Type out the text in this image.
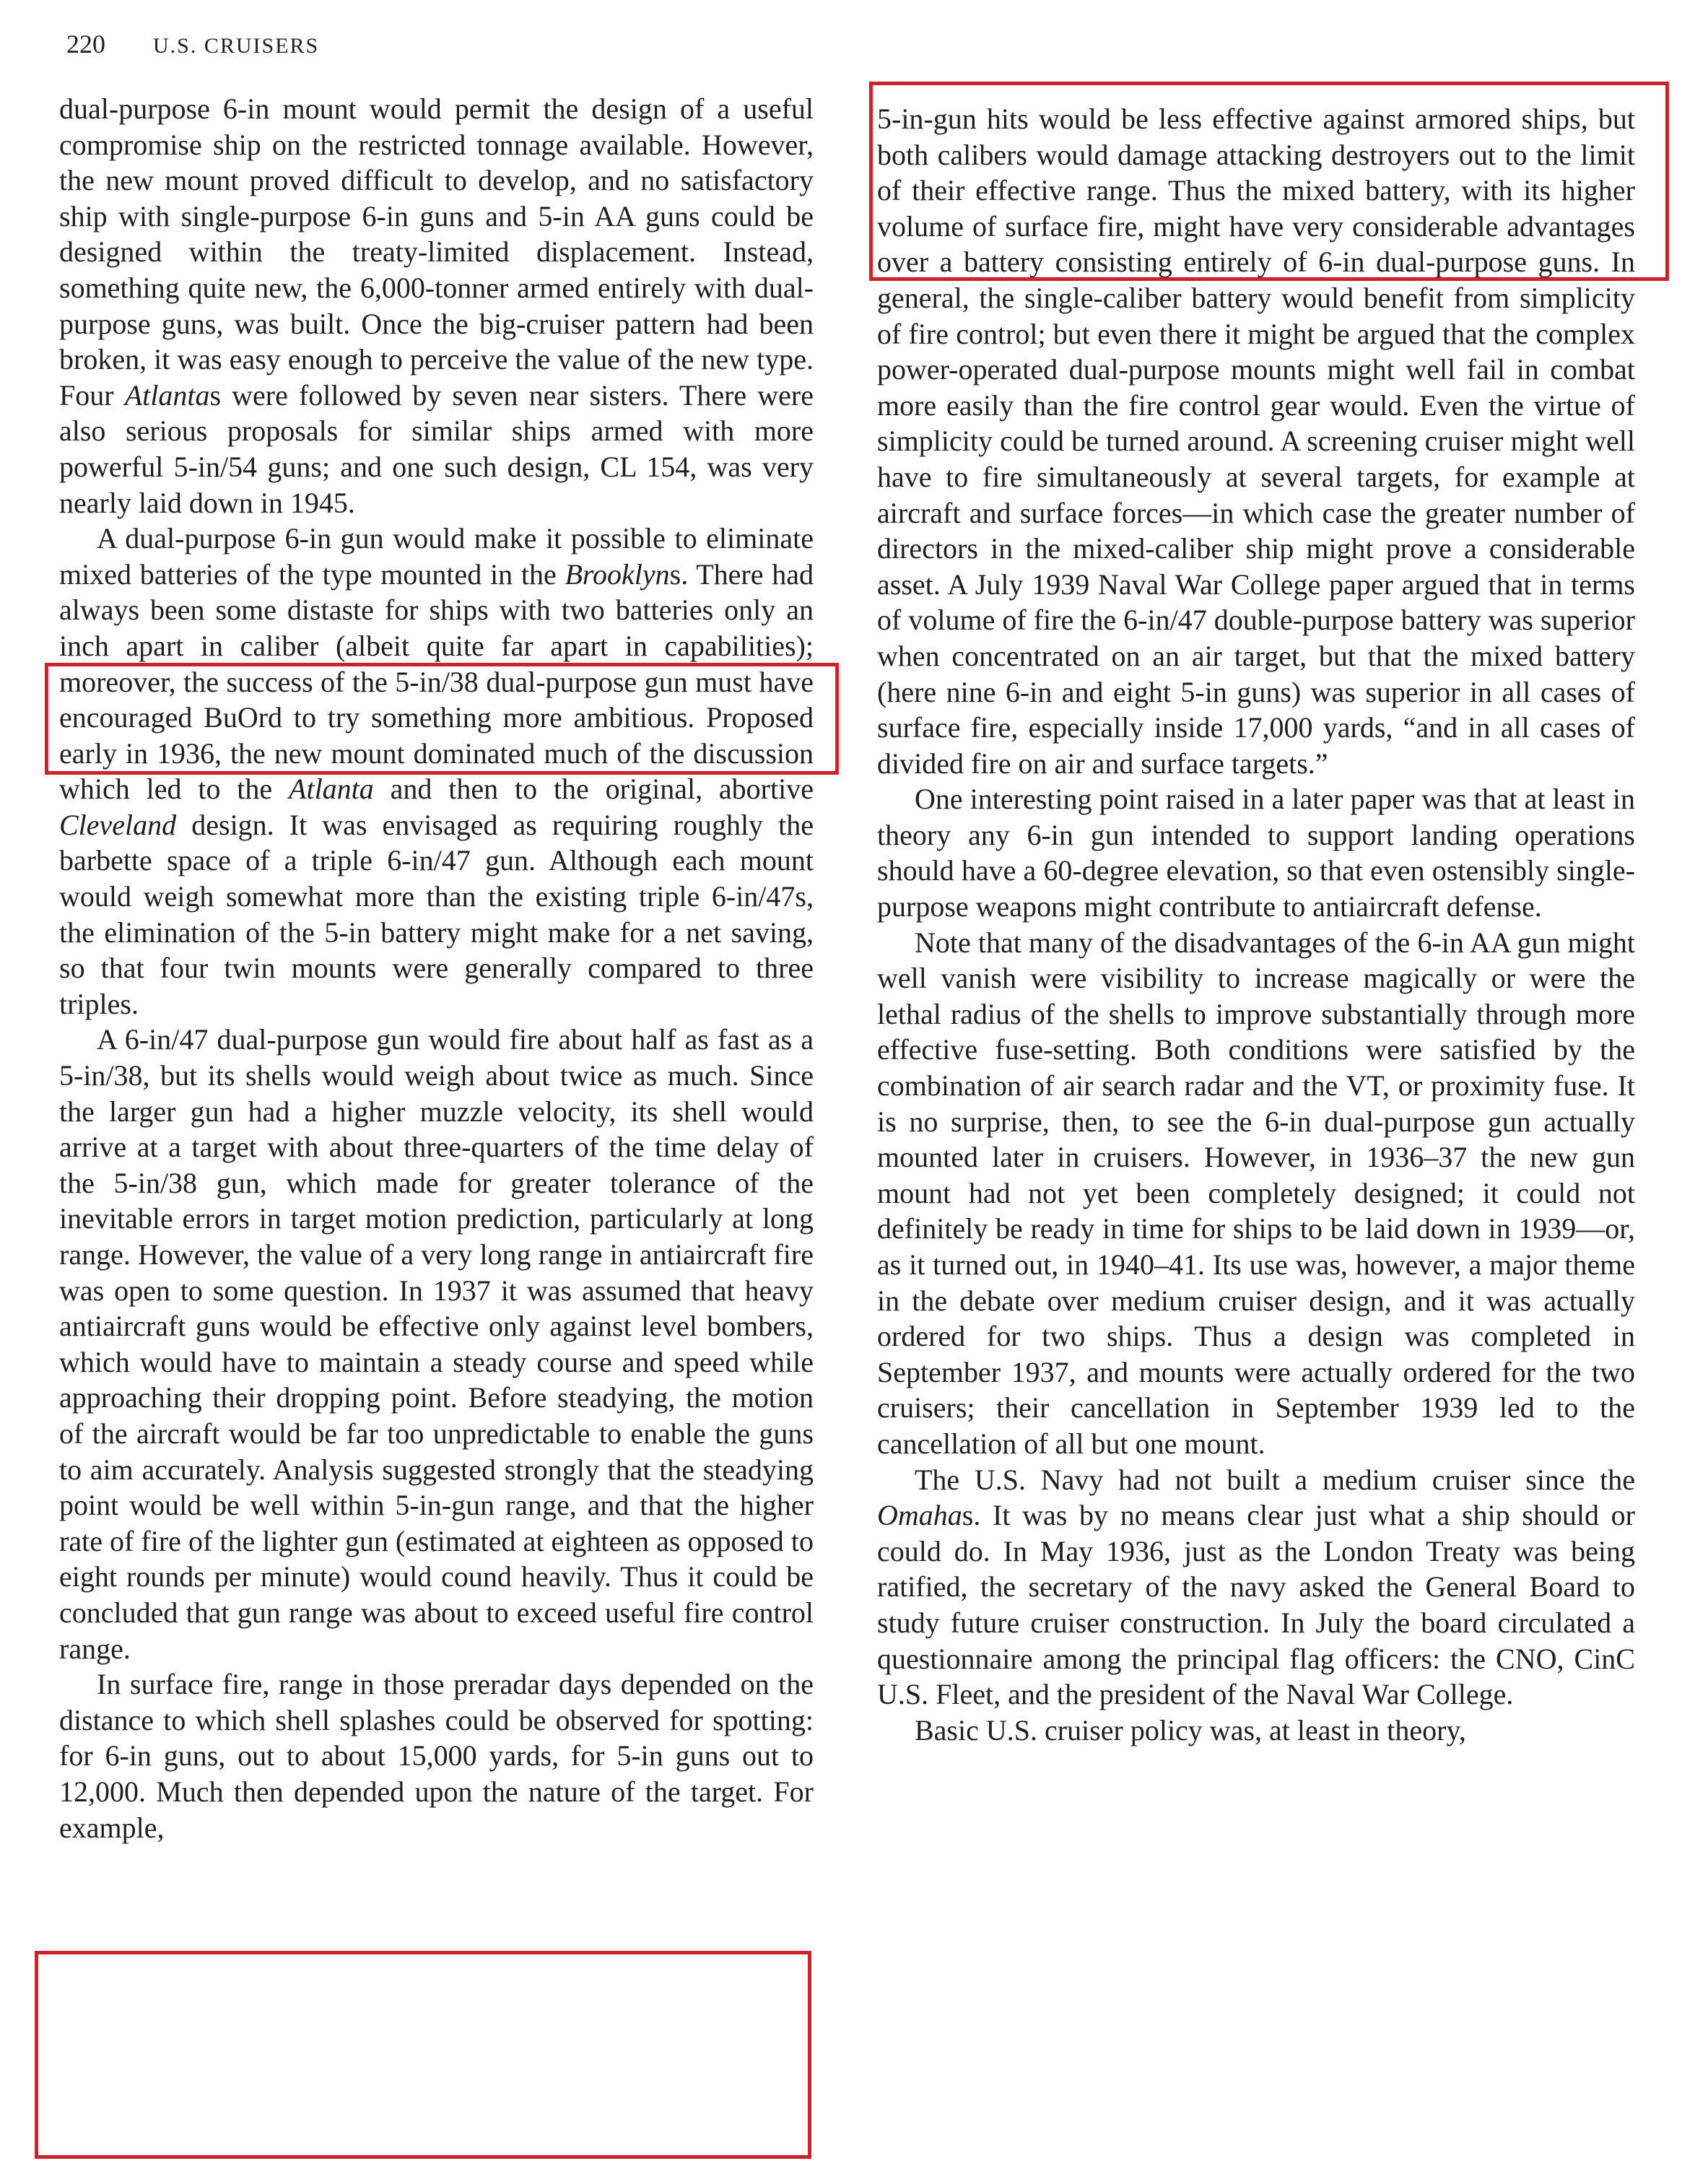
220 U.S. CRUISERS

dual-purpose 6-in mount would permit the design of a useful compromise ship on the restricted tonnage available. However, the new mount proved difficult to develop, and no satisfactory ship with single-purpose 6-in guns and 5-in AA guns could be designed within the treaty-limited displacement. Instead, something quite new, the 6,000-tonner armed entirely with dual-purpose guns, was built. Once the big-cruiser pattern had been broken, it was easy enough to perceive the value of the new type. Four Atlantas were followed by seven near sisters. There were also serious proposals for similar ships armed with more powerful 5-in/54 guns; and one such design, CL 154, was very nearly laid down in 1945.

A dual-purpose 6-in gun would make it possible to eliminate mixed batteries of the type mounted in the Brooklyns. There had always been some distaste for ships with two batteries only an inch apart in caliber (albeit quite far apart in capabilities); moreover, the success of the 5-in/38 dual-purpose gun must have encouraged BuOrd to try something more ambitious. Proposed early in 1936, the new mount dominated much of the discussion which led to the Atlanta and then to the original, abortive Cleveland design. It was envisaged as requiring roughly the barbette space of a triple 6-in/47 gun. Although each mount would weigh somewhat more than the existing triple 6-in/47s, the elimination of the 5-in battery might make for a net saving, so that four twin mounts were generally compared to three triples.

A 6-in/47 dual-purpose gun would fire about half as fast as a 5-in/38, but its shells would weigh about twice as much. Since the larger gun had a higher muzzle velocity, its shell would arrive at a target with about three-quarters of the time delay of the 5-in/38 gun, which made for greater tolerance of the inevitable errors in target motion prediction, particularly at long range. However, the value of a very long range in antiaircraft fire was open to some question. In 1937 it was assumed that heavy antiaircraft guns would be effective only against level bombers, which would have to maintain a steady course and speed while approaching their dropping point. Before steadying, the motion of the aircraft would be far too unpredictable to enable the guns to aim accurately. Analysis suggested strongly that the steadying point would be well within 5-in-gun range, and that the higher rate of fire of the lighter gun (estimated at eighteen as opposed to eight rounds per minute) would cound heavily. Thus it could be concluded that gun range was about to exceed useful fire control range.

In surface fire, range in those preradar days depended on the distance to which shell splashes could be observed for spotting: for 6-in guns, out to about 15,000 yards, for 5-in guns out to 12,000. Much then depended upon the nature of the target. For example,

5-in-gun hits would be less effective against armored ships, but both calibers would damage attacking destroyers out to the limit of their effective range. Thus the mixed battery, with its higher volume of surface fire, might have very considerable advantages over a battery consisting entirely of 6-in dual-purpose guns. In general, the single-caliber battery would benefit from simplicity of fire control; but even there it might be argued that the complex power-operated dual-purpose mounts might well fail in combat more easily than the fire control gear would. Even the virtue of simplicity could be turned around. A screening cruiser might well have to fire simultaneously at several targets, for example at aircraft and surface forces—in which case the greater number of directors in the mixed-caliber ship might prove a considerable asset. A July 1939 Naval War College paper argued that in terms of volume of fire the 6-in/47 double-purpose battery was superior when concentrated on an air target, but that the mixed battery (here nine 6-in and eight 5-in guns) was superior in all cases of surface fire, especially inside 17,000 yards, “and in all cases of divided fire on air and surface targets.”

One interesting point raised in a later paper was that at least in theory any 6-in gun intended to support landing operations should have a 60-degree elevation, so that even ostensibly single-purpose weapons might contribute to antiaircraft defense.

Note that many of the disadvantages of the 6-in AA gun might well vanish were visibility to increase magically or were the lethal radius of the shells to improve substantially through more effective fuse-setting. Both conditions were satisfied by the combination of air search radar and the VT, or proximity fuse. It is no surprise, then, to see the 6-in dual-purpose gun actually mounted later in cruisers. However, in 1936–37 the new gun mount had not yet been completely designed; it could not definitely be ready in time for ships to be laid down in 1939—or, as it turned out, in 1940–41. Its use was, however, a major theme in the debate over medium cruiser design, and it was actually ordered for two ships. Thus a design was completed in September 1937, and mounts were actually ordered for the two cruisers; their cancellation in September 1939 led to the cancellation of all but one mount.

The U.S. Navy had not built a medium cruiser since the Omahas. It was by no means clear just what a ship should or could do. In May 1936, just as the London Treaty was being ratified, the secretary of the navy asked the General Board to study future cruiser construction. In July the board circulated a questionnaire among the principal flag officers: the CNO, CinC U.S. Fleet, and the president of the Naval War College.

Basic U.S. cruiser policy was, at least in theory,
